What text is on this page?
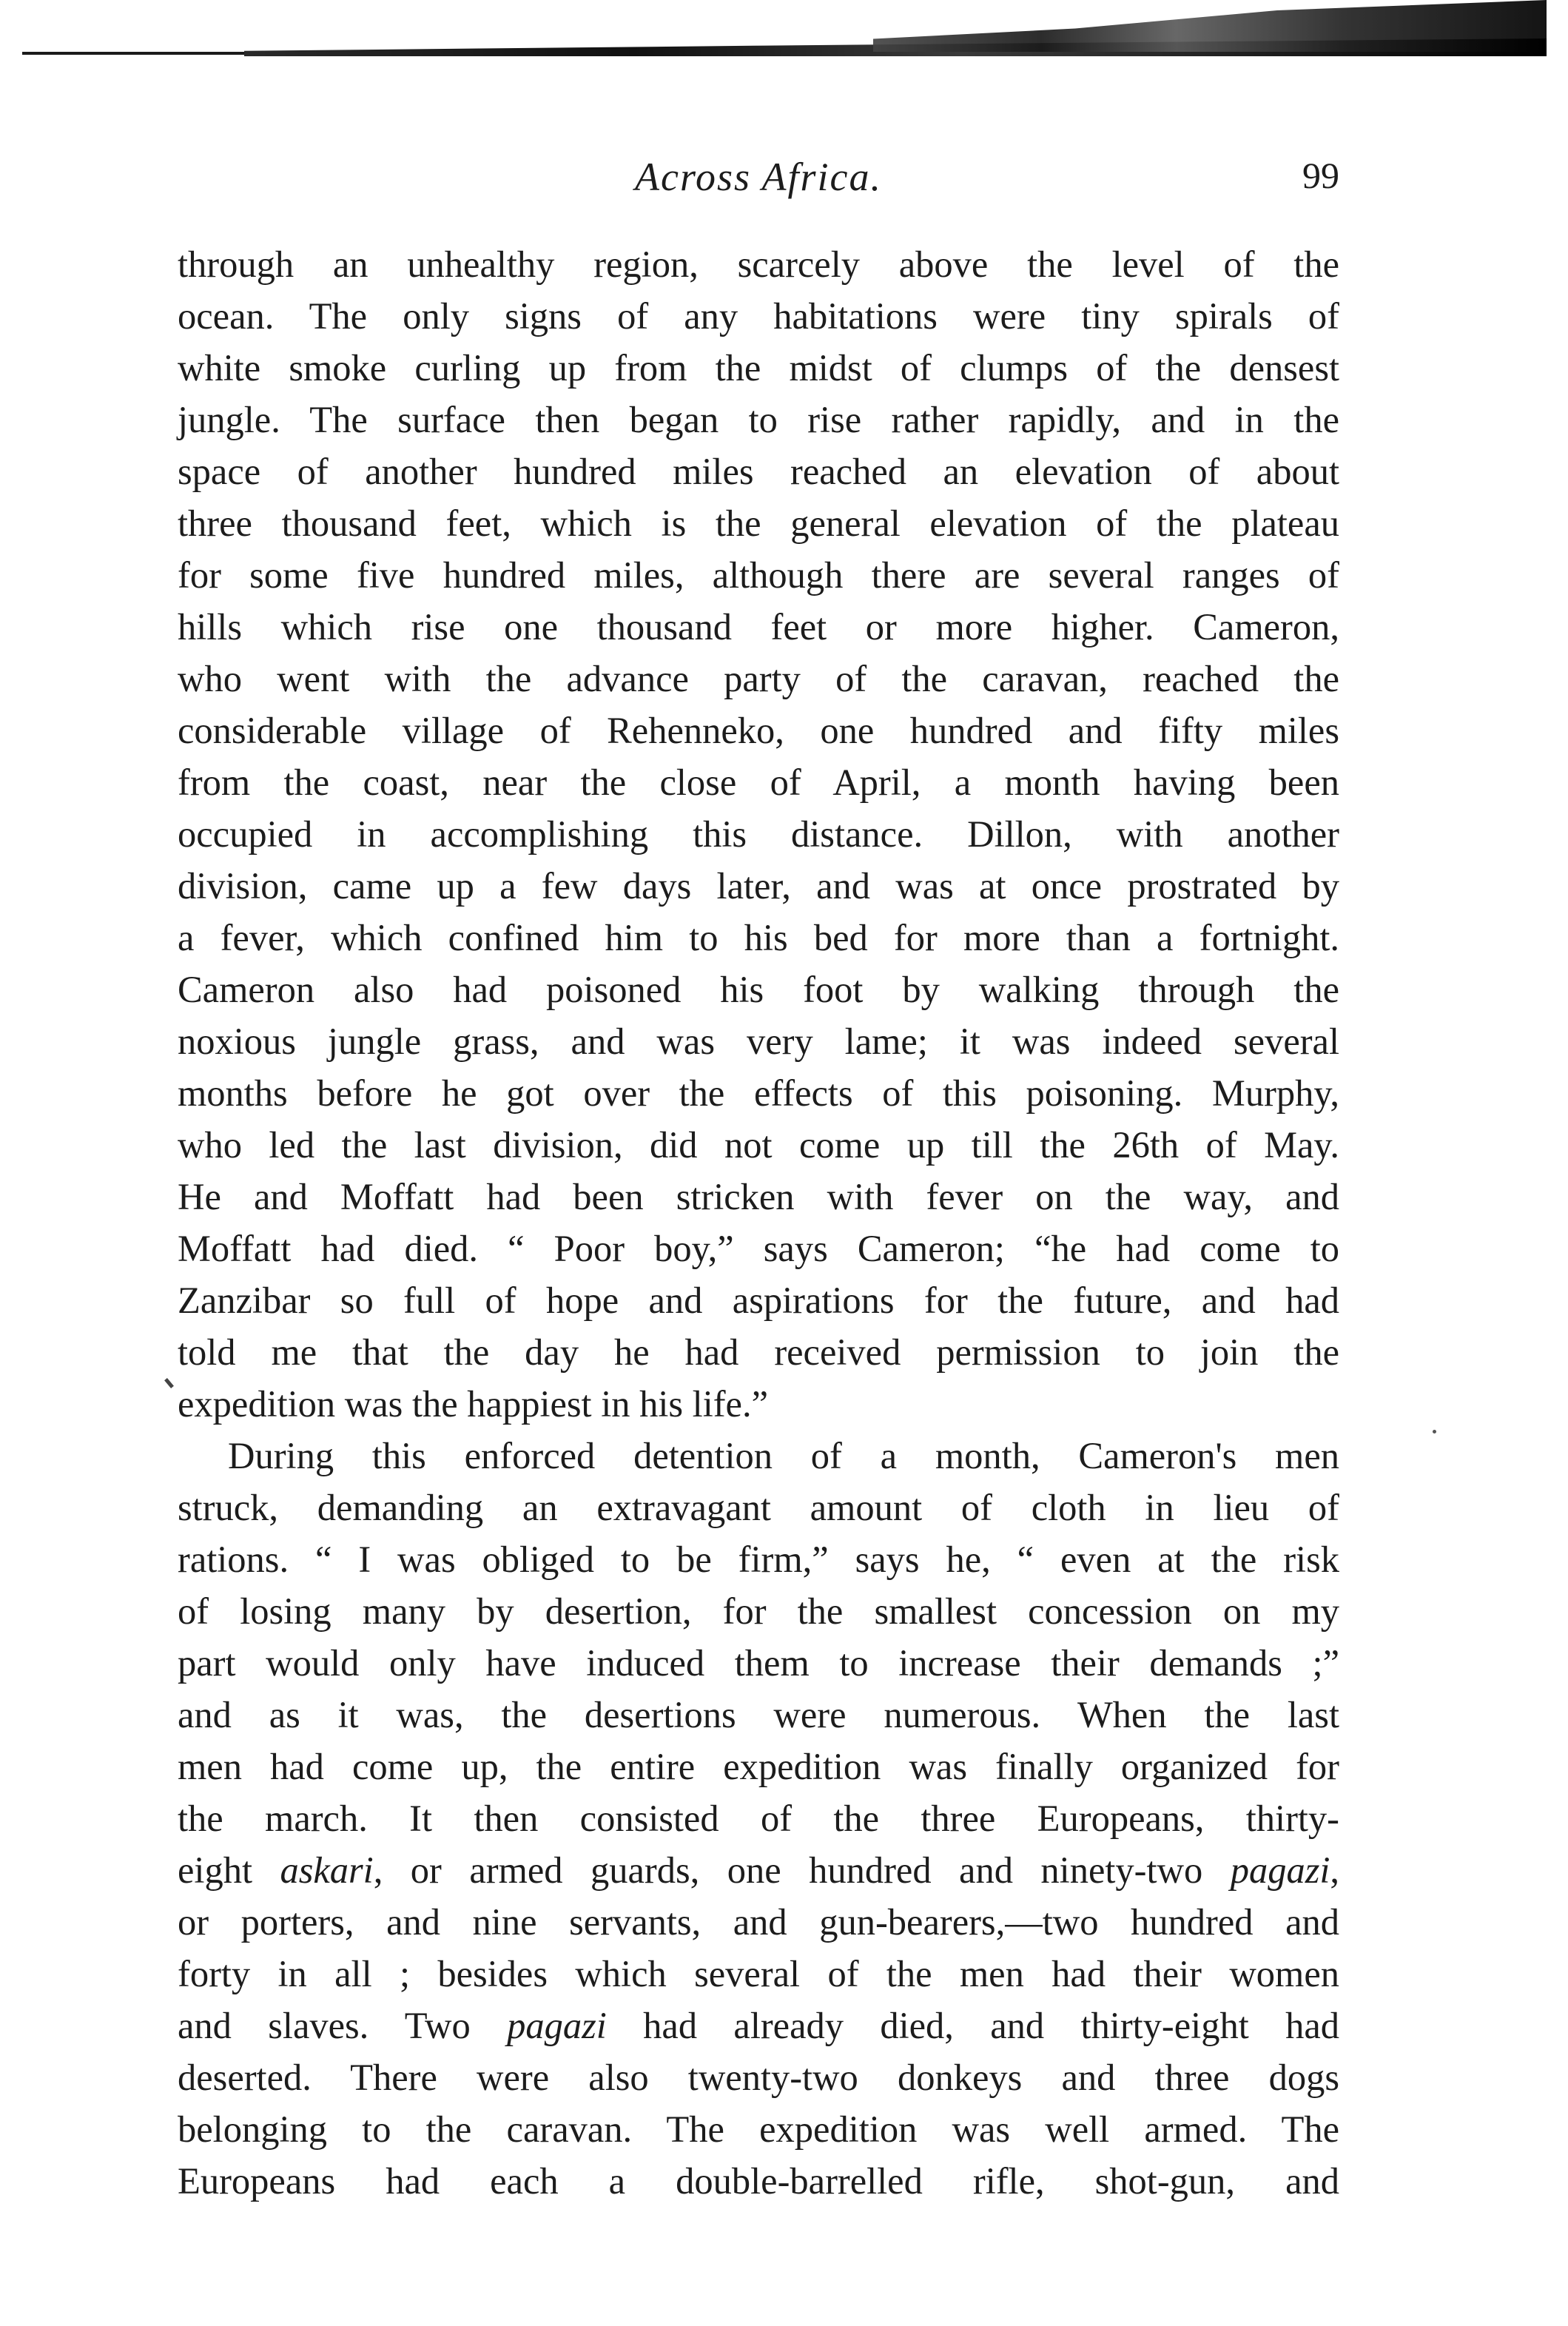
Across Africa.	99
through an unhealthy region, scarcely above the level of the
ocean. The only signs of any habitations were tiny spirals of
white smoke curling up from the midst of clumps of the densest
jungle. The surface then began to rise rather rapidly, and in the
space of another hundred miles reached an elevation of about
three thousand feet, which is the general elevation of the plateau
for some five hundred miles, although there are several ranges of
hills which rise one thousand feet or more higher. Cameron,
who went with the advance party of the caravan, reached the
considerable village of Rehenneko, one hundred and fifty miles
from the coast, near the close of April, a month having been
occupied in accomplishing this distance. Dillon, with another
division, came up a few days later, and was at once prostrated by
a fever, which confined him to his bed for more than a fortnight.
Cameron also had poisoned his foot by walking through the
noxious jungle grass, and was very lame; it was indeed several
months before he got over the effects of this poisoning. Murphy,
who led the last division, did not come up till the 26th of May.
He and Moffatt had been stricken with fever on the way, and
Moffatt had died. “ Poor boy,” says Cameron; “he had come to
Zanzibar so full of hope and aspirations for the future, and had
told me that the day he had received permission to join the
expedition was the happiest in his life.”
During this enforced detention of a month, Cameron's men
struck, demanding an extravagant amount of cloth in lieu of
rations. “ I was obliged to be firm,” says he, “ even at the risk
of losing many by desertion, for the smallest concession on my
part would only have induced them to increase their demands ;”
and as it was, the desertions were numerous. When the last
men had come up, the entire expedition was finally organized for
the march. It then consisted of the three Europeans, thirty-
eight askari, or armed guards, one hundred and ninety-two pagazi,
or porters, and nine servants, and gun-bearers,—two hundred and
forty in all ; besides which several of the men had their women
and slaves. Two pagazi had already died, and thirty-eight had
deserted. There were also twenty-two donkeys and three dogs
belonging to the caravan. The expedition was well armed. The
Europeans had each a double-barrelled rifle, shot-gun, and
